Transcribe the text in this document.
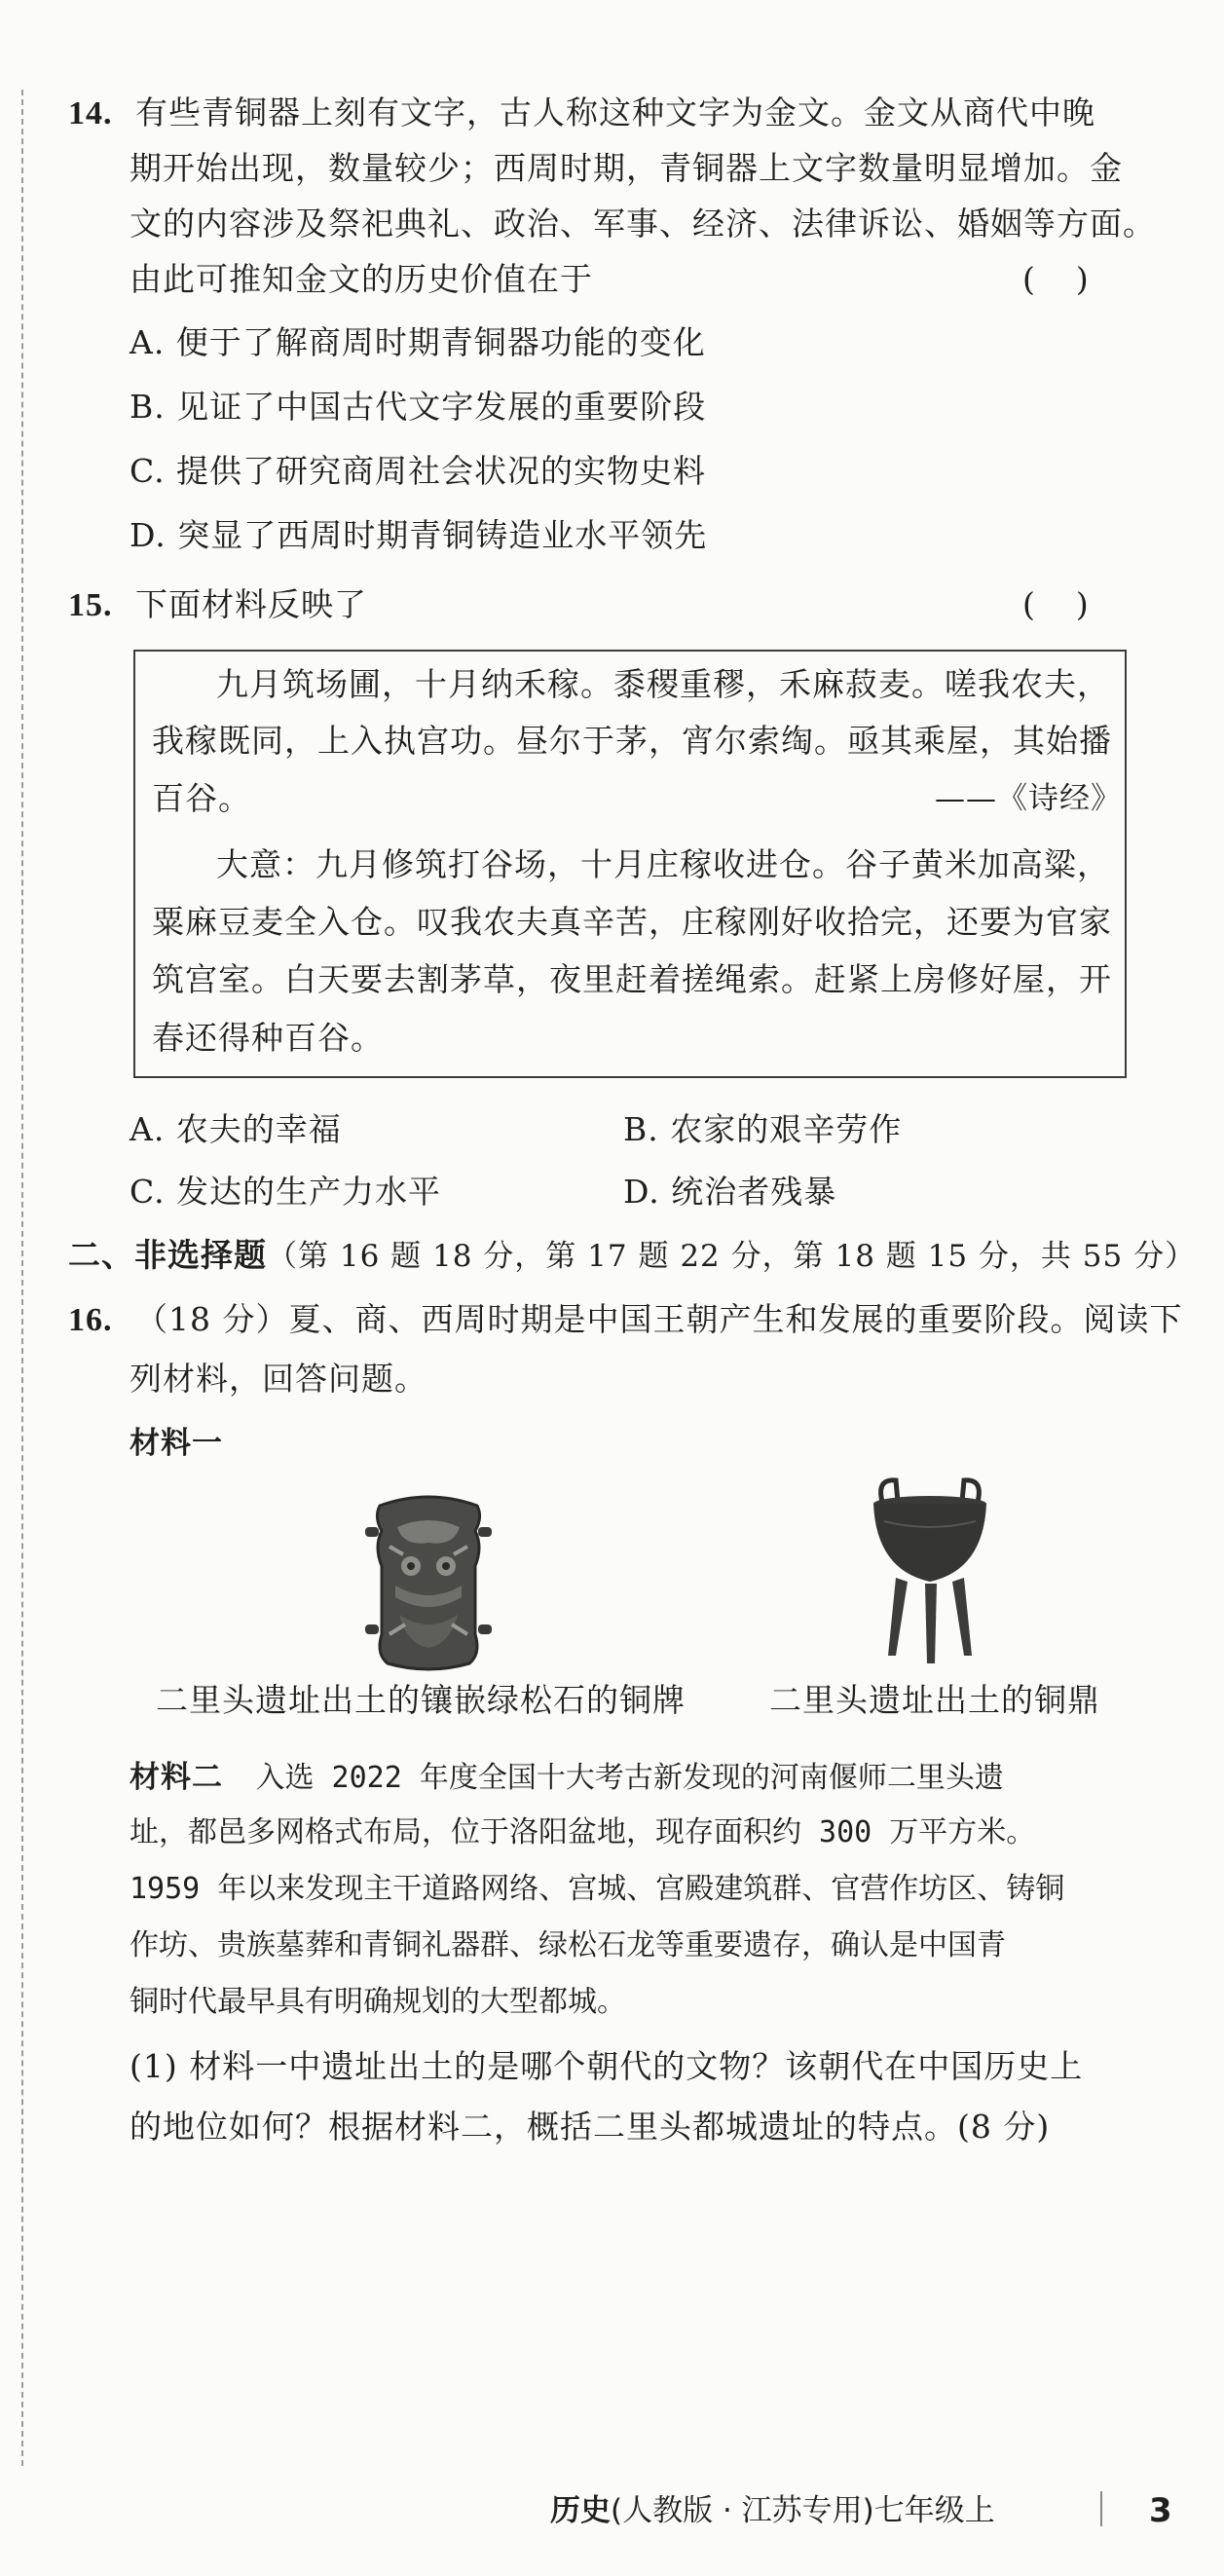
14. 有些青铜器上刻有文字，古人称这种文字为金文。金文从商代中晚
期开始出现，数量较少；西周时期，青铜器上文字数量明显增加。金
文的内容涉及祭祀典礼、政治、军事、经济、法律诉讼、婚姻等方面。
由此可推知金文的历史价值在于	(    )
A. 便于了解商周时期青铜器功能的变化
B. 见证了中国古代文字发展的重要阶段
C. 提供了研究商周社会状况的实物史料
D. 突显了西周时期青铜铸造业水平领先
15. 下面材料反映了	(    )
九月筑场圃，十月纳禾稼。黍稷重穋，禾麻菽麦。嗟我农夫，
我稼既同，上入执宫功。昼尔于茅，宵尔索绹。亟其乘屋，其始播
百谷。	——《诗经》
大意：九月修筑打谷场，十月庄稼收进仓。谷子黄米加高粱，
粟麻豆麦全入仓。叹我农夫真辛苦，庄稼刚好收拾完，还要为官家
筑宫室。白天要去割茅草，夜里赶着搓绳索。赶紧上房修好屋，开
春还得种百谷。
A. 农夫的幸福	B. 农家的艰辛劳作
C. 发达的生产力水平	D. 统治者残暴
二、非选择题（第 16 题 18 分，第 17 题 22 分，第 18 题 15 分，共 55 分）
16. （18 分）夏、商、西周时期是中国王朝产生和发展的重要阶段。阅读下
列材料，回答问题。
材料一
二里头遗址出土的镶嵌绿松石的铜牌	二里头遗址出土的铜鼎
材料二 入选 2022 年度全国十大考古新发现的河南偃师二里头遗
址，都邑多网格式布局，位于洛阳盆地，现存面积约 300 万平方米。
1959 年以来发现主干道路网络、宫城、宫殿建筑群、官营作坊区、铸铜
作坊、贵族墓葬和青铜礼器群、绿松石龙等重要遗存，确认是中国青
铜时代最早具有明确规划的大型都城。
(1) 材料一中遗址出土的是哪个朝代的文物？该朝代在中国历史上
的地位如何？根据材料二，概括二里头都城遗址的特点。(8 分)
历史(人教版 · 江苏专用)七年级上	3
